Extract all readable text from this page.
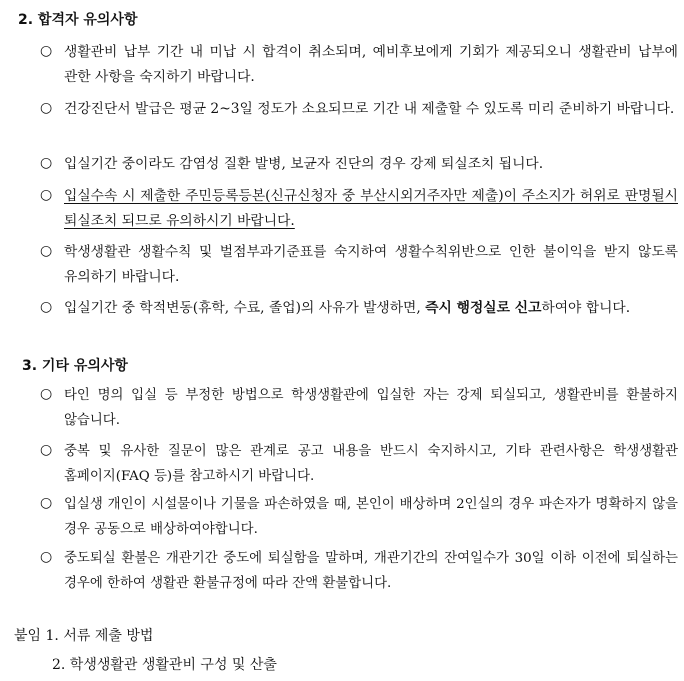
2. 합격자 유의사항
○ 생활관비 납부 기간 내 미납 시 합격이 취소되며, 예비후보에게 기회가 제공되오니 생활관비 납부에 관한 사항을 숙지하기 바랍니다.
○ 건강진단서 발급은 평균 2~3일 정도가 소요되므로 기간 내 제출할 수 있도록 미리 준비하기 바랍니다.
○ 입실기간 중이라도 감염성 질환 발병, 보균자 진단의 경우 강제 퇴실조치 됩니다.
○ 입실수속 시 제출한 주민등록등본(신규신청자 중 부산시외거주자만 제출)이 주소지가 허위로 판명될시 퇴실조치 되므로 유의하시기 바랍니다.
○ 학생생활관 생활수칙 및 벌점부과기준표를 숙지하여 생활수칙위반으로 인한 불이익을 받지 않도록 유의하기 바랍니다.
○ 입실기간 중 학적변동(휴학, 수료, 졸업)의 사유가 발생하면, 즉시 행정실로 신고하여야 합니다.
3. 기타 유의사항
○ 타인 명의 입실 등 부정한 방법으로 학생생활관에 입실한 자는 강제 퇴실되고, 생활관비를 환불하지 않습니다.
○ 중복 및 유사한 질문이 많은 관계로 공고 내용을 반드시 숙지하시고, 기타 관련사항은 학생생활관 홈페이지(FAQ 등)를 참고하시기 바랍니다.
○ 입실생 개인이 시설물이나 기물을 파손하였을 때, 본인이 배상하며 2인실의 경우 파손자가 명확하지 않을 경우 공동으로 배상하여야합니다.
○ 중도퇴실 환불은 개관기간 중도에 퇴실함을 말하며, 개관기간의 잔여일수가 30일 이하 이전에 퇴실하는 경우에 한하여 생활관 환불규정에 따라 잔액 환불합니다.
붙임 1. 서류 제출 방법
2. 학생생활관 생활관비 구성 및 산출
